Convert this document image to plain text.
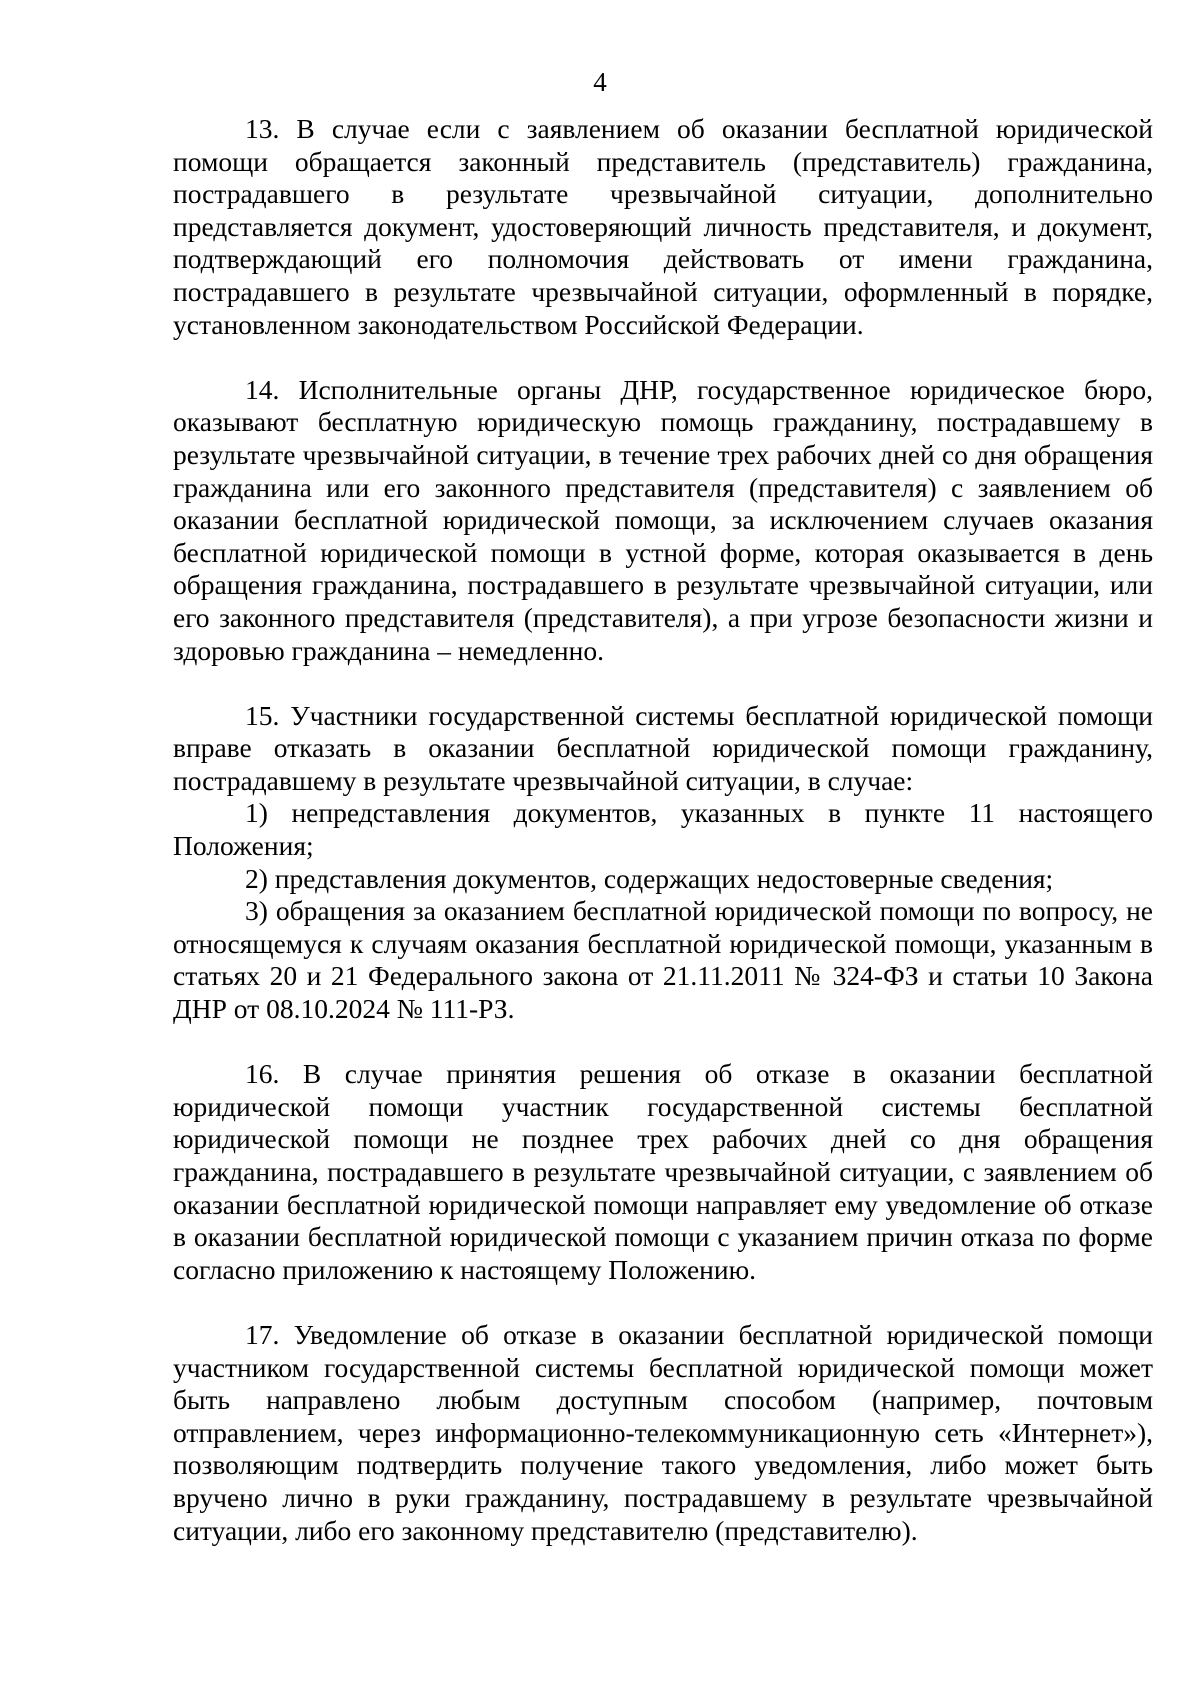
4

13. В случае если с заявлением об оказании бесплатной юридической помощи обращается законный представитель (представитель) гражданина, пострадавшего в результате чрезвычайной ситуации, дополнительно представляется документ, удостоверяющий личность представителя, и документ, подтверждающий его полномочия действовать от имени гражданина, пострадавшего в результате чрезвычайной ситуации, оформленный в порядке, установленном законодательством Российской Федерации.

14. Исполнительные органы ДНР, государственное юридическое бюро, оказывают бесплатную юридическую помощь гражданину, пострадавшему в результате чрезвычайной ситуации, в течение трех рабочих дней со дня обращения гражданина или его законного представителя (представителя) с заявлением об оказании бесплатной юридической помощи, за исключением случаев оказания бесплатной юридической помощи в устной форме, которая оказывается в день обращения гражданина, пострадавшего в результате чрезвычайной ситуации, или его законного представителя (представителя), а при угрозе безопасности жизни и здоровью гражданина – немедленно.

15. Участники государственной системы бесплатной юридической помощи вправе отказать в оказании бесплатной юридической помощи гражданину, пострадавшему в результате чрезвычайной ситуации, в случае:

1) непредставления документов, указанных в пункте 11 настоящего Положения;

2) представления документов, содержащих недостоверные сведения;

3) обращения за оказанием бесплатной юридической помощи по вопросу, не относящемуся к случаям оказания бесплатной юридической помощи, указанным в статьях 20 и 21 Федерального закона от 21.11.2011 № 324-ФЗ и статьи 10 Закона ДНР от 08.10.2024 № 111-РЗ.

16. В случае принятия решения об отказе в оказании бесплатной юридической помощи участник государственной системы бесплатной юридической помощи не позднее трех рабочих дней со дня обращения гражданина, пострадавшего в результате чрезвычайной ситуации, с заявлением об оказании бесплатной юридической помощи направляет ему уведомление об отказе в оказании бесплатной юридической помощи с указанием причин отказа по форме согласно приложению к настоящему Положению.

17. Уведомление об отказе в оказании бесплатной юридической помощи участником государственной системы бесплатной юридической помощи может быть направлено любым доступным способом (например, почтовым отправлением, через информационно-телекоммуникационную сеть «Интернет»), позволяющим подтвердить получение такого уведомления, либо может быть вручено лично в руки гражданину, пострадавшему в результате чрезвычайной ситуации, либо его законному представителю (представителю).
